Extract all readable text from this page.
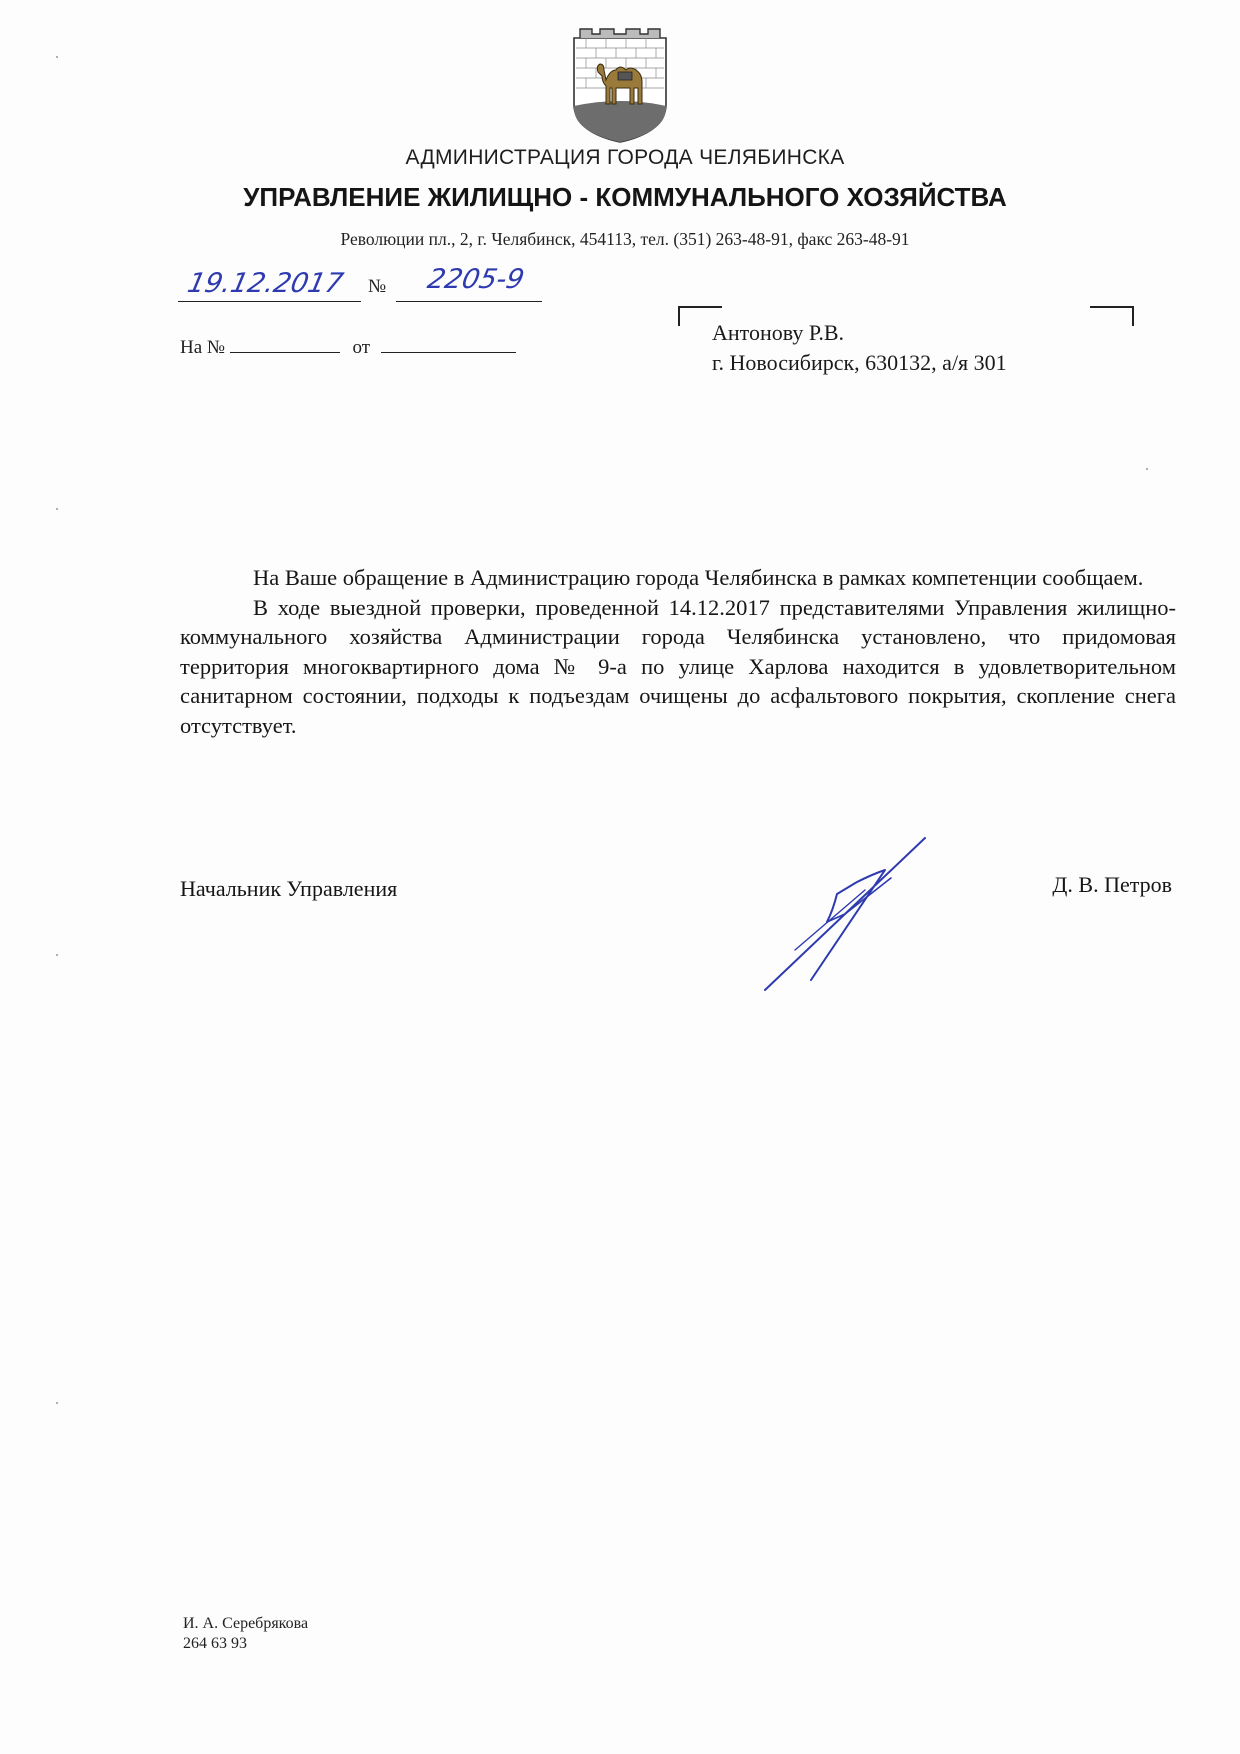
АДМИНИСТРАЦИЯ ГОРОДА ЧЕЛЯБИНСКА
УПРАВЛЕНИЕ ЖИЛИЩНО - КОММУНАЛЬНОГО ХОЗЯЙСТВА
Революции пл., 2, г. Челябинск, 454113, тел. (351) 263-48-91, факс 263-48-91
19.12.2017	№ 2205-9
На №	от
Антонову Р.В.
г. Новосибирск, 630132, а/я 301

На Ваше обращение в Администрацию города Челябинска в рамках компетенции сообщаем.

В ходе выездной проверки, проведенной 14.12.2017 представителями Управления жилищно-коммунального хозяйства Администрации города Челябинска установлено, что придомовая территория многоквартирного дома № 9-а по улице Харлова находится в удовлетворительном санитарном состоянии, подходы к подъездам очищены до асфальтового покрытия, скопление снега отсутствует.

Начальник Управления	Д. В. Петров
И. А. Серебрякова
264 63 93
